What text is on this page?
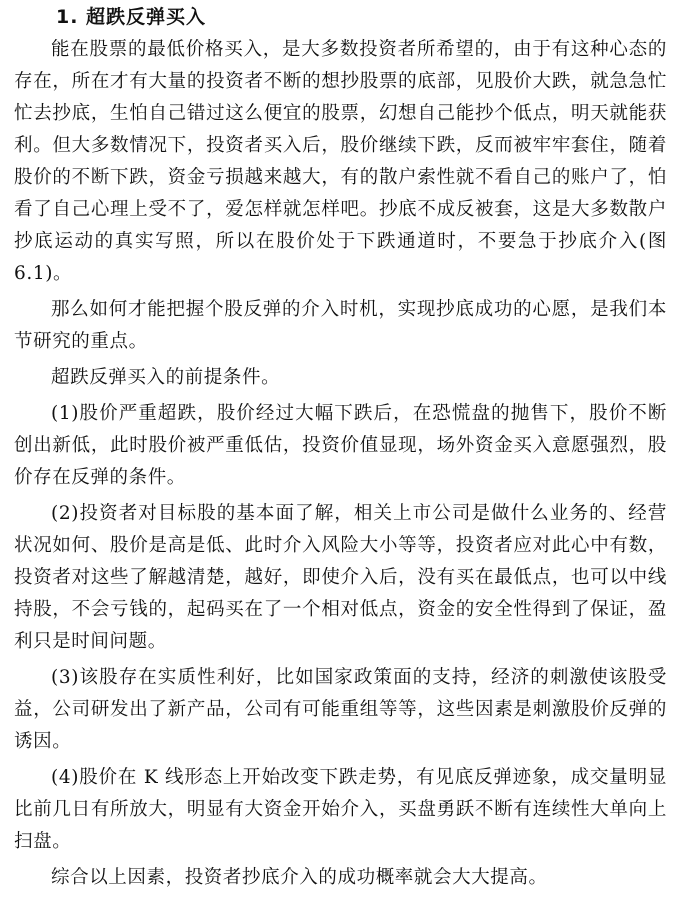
1. 超跌反弹买入

能在股票的最低价格买入，是大多数投资者所希望的，由于有这种心态的存在，所在才有大量的投资者不断的想抄股票的底部，见股价大跌，就急急忙忙去抄底，生怕自己错过这么便宜的股票，幻想自己能抄个低点，明天就能获利。但大多数情况下，投资者买入后，股价继续下跌，反而被牢牢套住，随着股价的不断下跌，资金亏损越来越大，有的散户索性就不看自己的账户了，怕看了自己心理上受不了，爱怎样就怎样吧。抄底不成反被套，这是大多数散户抄底运动的真实写照，所以在股价处于下跌通道时，不要急于抄底介入(图 6.1)。

那么如何才能把握个股反弹的介入时机，实现抄底成功的心愿，是我们本节研究的重点。

超跌反弹买入的前提条件。

(1)股价严重超跌，股价经过大幅下跌后，在恐慌盘的抛售下，股价不断创出新低，此时股价被严重低估，投资价值显现，场外资金买入意愿强烈，股价存在反弹的条件。

(2)投资者对目标股的基本面了解，相关上市公司是做什么业务的、经营状况如何、股价是高是低、此时介入风险大小等等，投资者应对此心中有数，投资者对这些了解越清楚，越好，即使介入后，没有买在最低点，也可以中线持股，不会亏钱的，起码买在了一个相对低点，资金的安全性得到了保证，盈利只是时间问题。

(3)该股存在实质性利好，比如国家政策面的支持，经济的刺激使该股受益，公司研发出了新产品，公司有可能重组等等，这些因素是刺激股价反弹的诱因。

(4)股价在 K 线形态上开始改变下跌走势，有见底反弹迹象，成交量明显比前几日有所放大，明显有大资金开始介入，买盘勇跃不断有连续性大单向上扫盘。

综合以上因素，投资者抄底介入的成功概率就会大大提高。
